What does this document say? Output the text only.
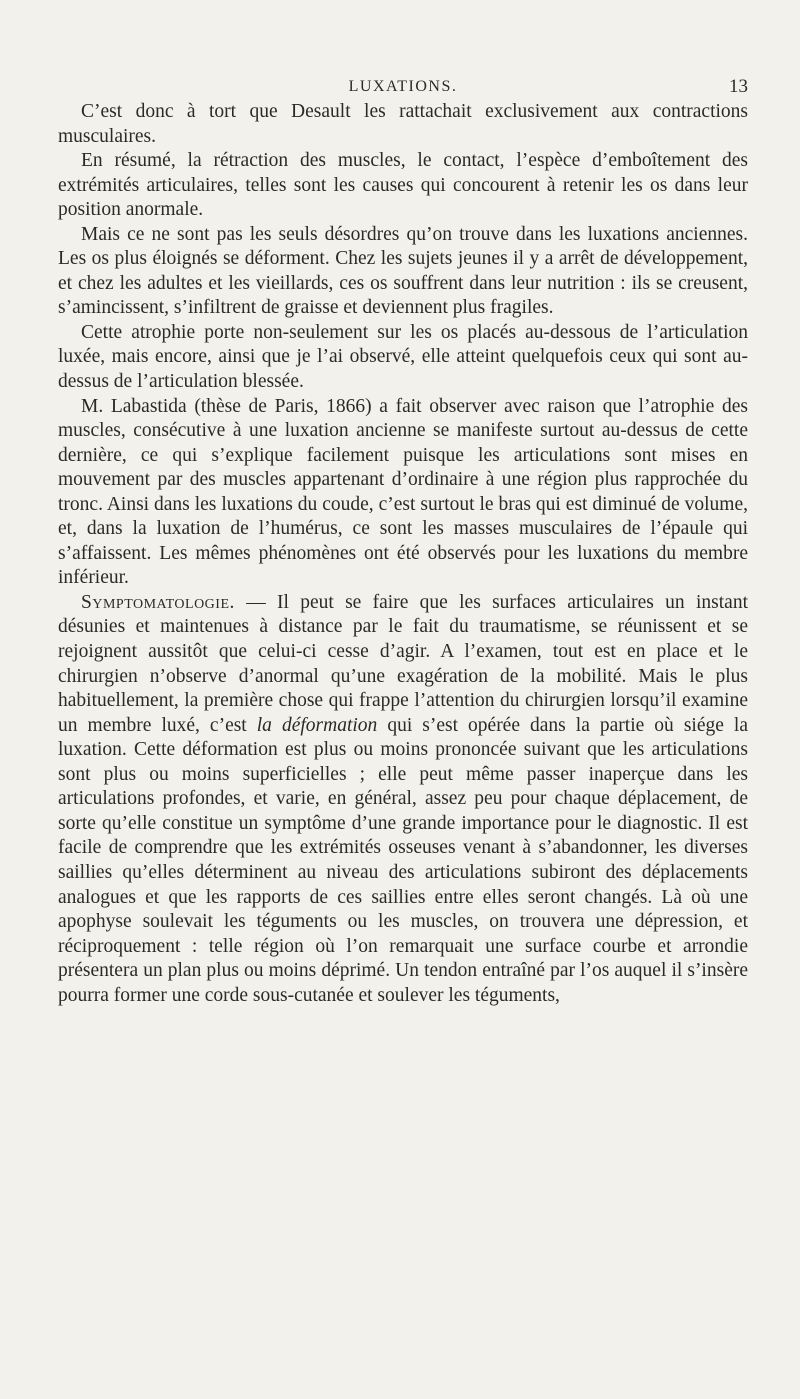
LUXATIONS.	13

C’est donc à tort que Desault les rattachait exclusivement aux contractions musculaires.

En résumé, la rétraction des muscles, le contact, l’espèce d’emboîtement des extrémités articulaires, telles sont les causes qui concourent à retenir les os dans leur position anormale.

Mais ce ne sont pas les seuls désordres qu’on trouve dans les luxations anciennes. Les os plus éloignés se déforment. Chez les sujets jeunes il y a arrêt de développement, et chez les adultes et les vieillards, ces os souffrent dans leur nutrition : ils se creusent, s’amincissent, s’infiltrent de graisse et deviennent plus fragiles.

Cette atrophie porte non-seulement sur les os placés au-dessous de l’articulation luxée, mais encore, ainsi que je l’ai observé, elle atteint quelquefois ceux qui sont au-dessus de l’articulation blessée.

M. Labastida (thèse de Paris, 1866) a fait observer avec raison que l’atrophie des muscles, consécutive à une luxation ancienne se manifeste surtout au-dessus de cette dernière, ce qui s’explique facilement puisque les articulations sont mises en mouvement par des muscles appartenant d’ordinaire à une région plus rapprochée du tronc. Ainsi dans les luxations du coude, c’est surtout le bras qui est diminué de volume, et, dans la luxation de l’humérus, ce sont les masses musculaires de l’épaule qui s’affaissent. Les mêmes phénomènes ont été observés pour les luxations du membre inférieur.

Symptomatologie. — Il peut se faire que les surfaces articulaires un instant désunies et maintenues à distance par le fait du traumatisme, se réunissent et se rejoignent aussitôt que celui-ci cesse d’agir. A l’examen, tout est en place et le chirurgien n’observe d’anormal qu’une exagération de la mobilité. Mais le plus habituellement, la première chose qui frappe l’attention du chirurgien lorsqu’il examine un membre luxé, c’est la déformation qui s’est opérée dans la partie où siége la luxation. Cette déformation est plus ou moins prononcée suivant que les articulations sont plus ou moins superficielles ; elle peut même passer inaperçue dans les articulations profondes, et varie, en général, assez peu pour chaque déplacement, de sorte qu’elle constitue un symptôme d’une grande importance pour le diagnostic. Il est facile de comprendre que les extrémités osseuses venant à s’abandonner, les diverses saillies qu’elles déterminent au niveau des articulations subiront des déplacements analogues et que les rapports de ces saillies entre elles seront changés. Là où une apophyse soulevait les téguments ou les muscles, on trouvera une dépression, et réciproquement : telle région où l’on remarquait une surface courbe et arrondie présentera un plan plus ou moins déprimé. Un tendon entraîné par l’os auquel il s’insère pourra former une corde sous-cutanée et soulever les téguments,
